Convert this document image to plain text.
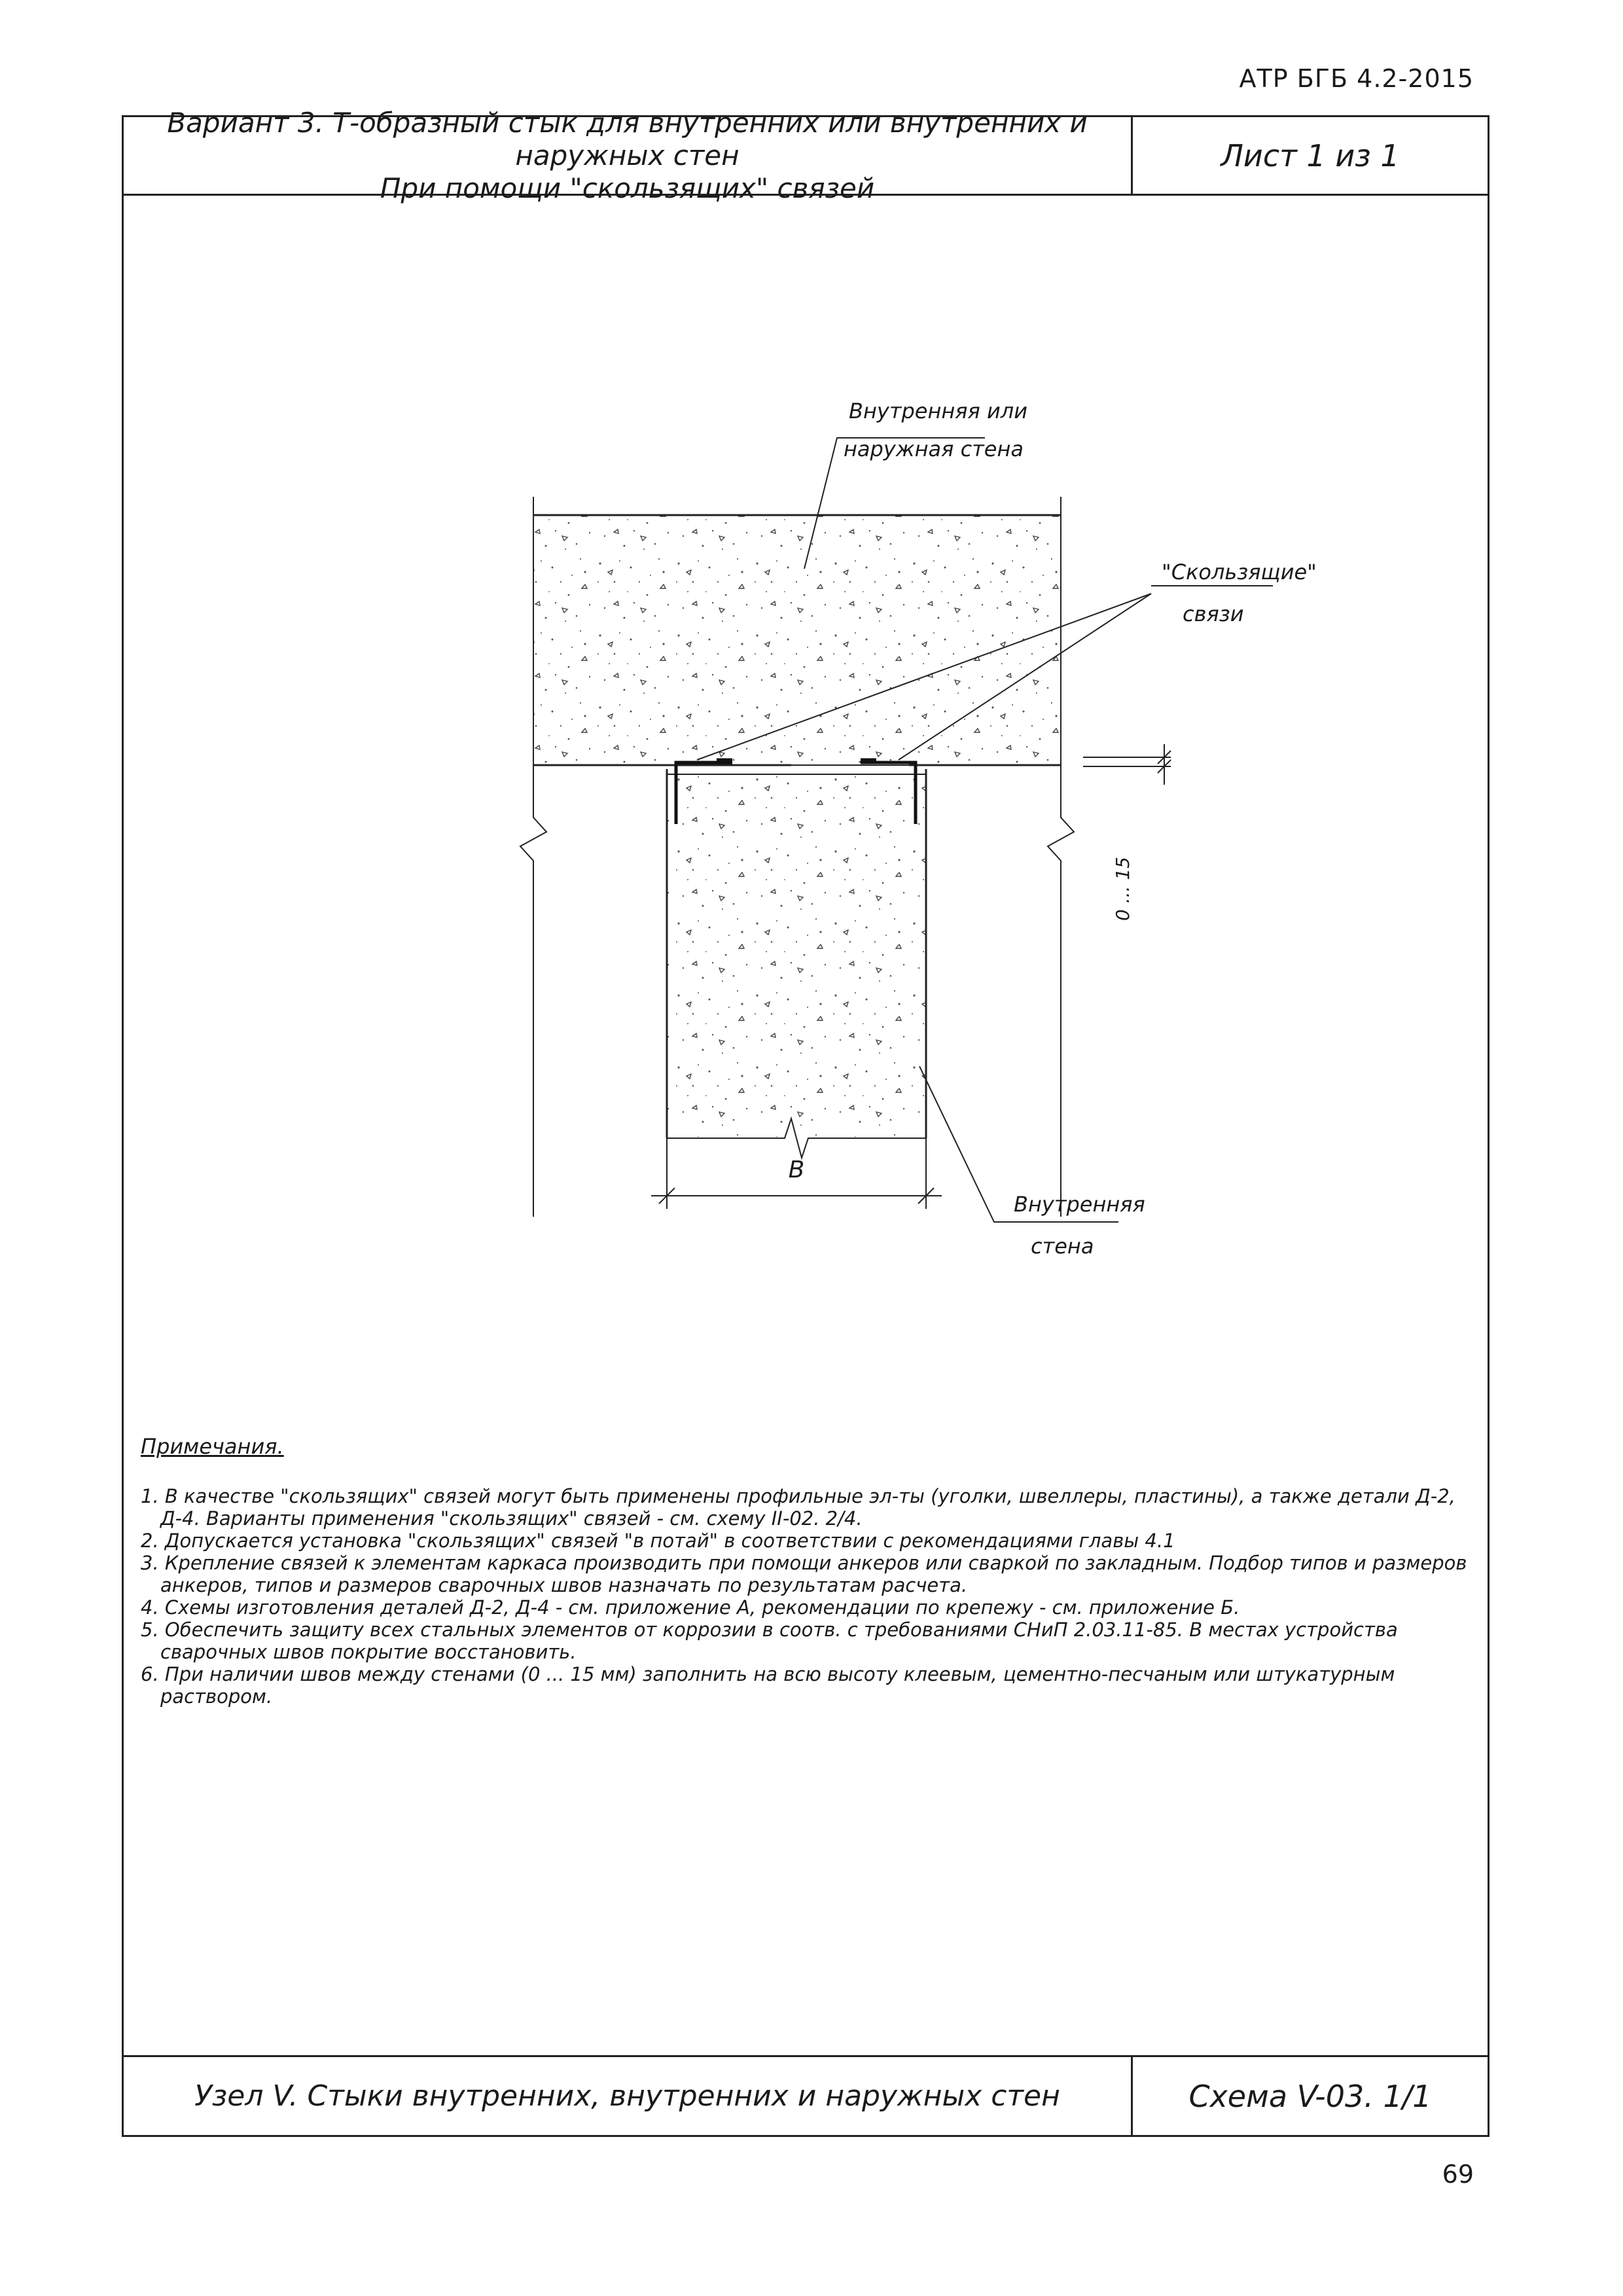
АТР БГБ 4.2-2015
Вариант 3. Т-образный стык для внутренних или внутренних и наружных стен
При помощи "скользящих" связей
Лист 1 из 1
B
0 ... 15
Внутренняя или
наружная стена
"Скользящие"
связи
Внутренняя
стена
Примечания.

1. В качестве "скользящих" связей могут быть применены профильные эл-ты (уголки, швеллеры, пластины), а также детали Д-2, Д-4. Варианты применения "скользящих" связей - см. схему II-02. 2/4.

2. Допускается установка "скользящих" связей "в потай" в соответствии с рекомендациями главы 4.1

3. Крепление связей к элементам каркаса производить при помощи анкеров или сваркой по закладным. Подбор типов и размеров анкеров, типов и размеров сварочных швов назначать по результатам расчета.

4. Схемы изготовления деталей Д-2, Д-4 - см. приложение А, рекомендации по крепежу - см. приложение Б.

5. Обеспечить защиту всех стальных элементов от коррозии в соотв. с требованиями СНиП 2.03.11-85. В местах устройства сварочных швов покрытие восстановить.

6. При наличии швов между стенами (0 ... 15 мм) заполнить на всю высоту клеевым, цементно-песчаным или штукатурным раствором.

Узел V. Стыки внутренних, внутренних и наружных стен	Схема V-03. 1/1
69
